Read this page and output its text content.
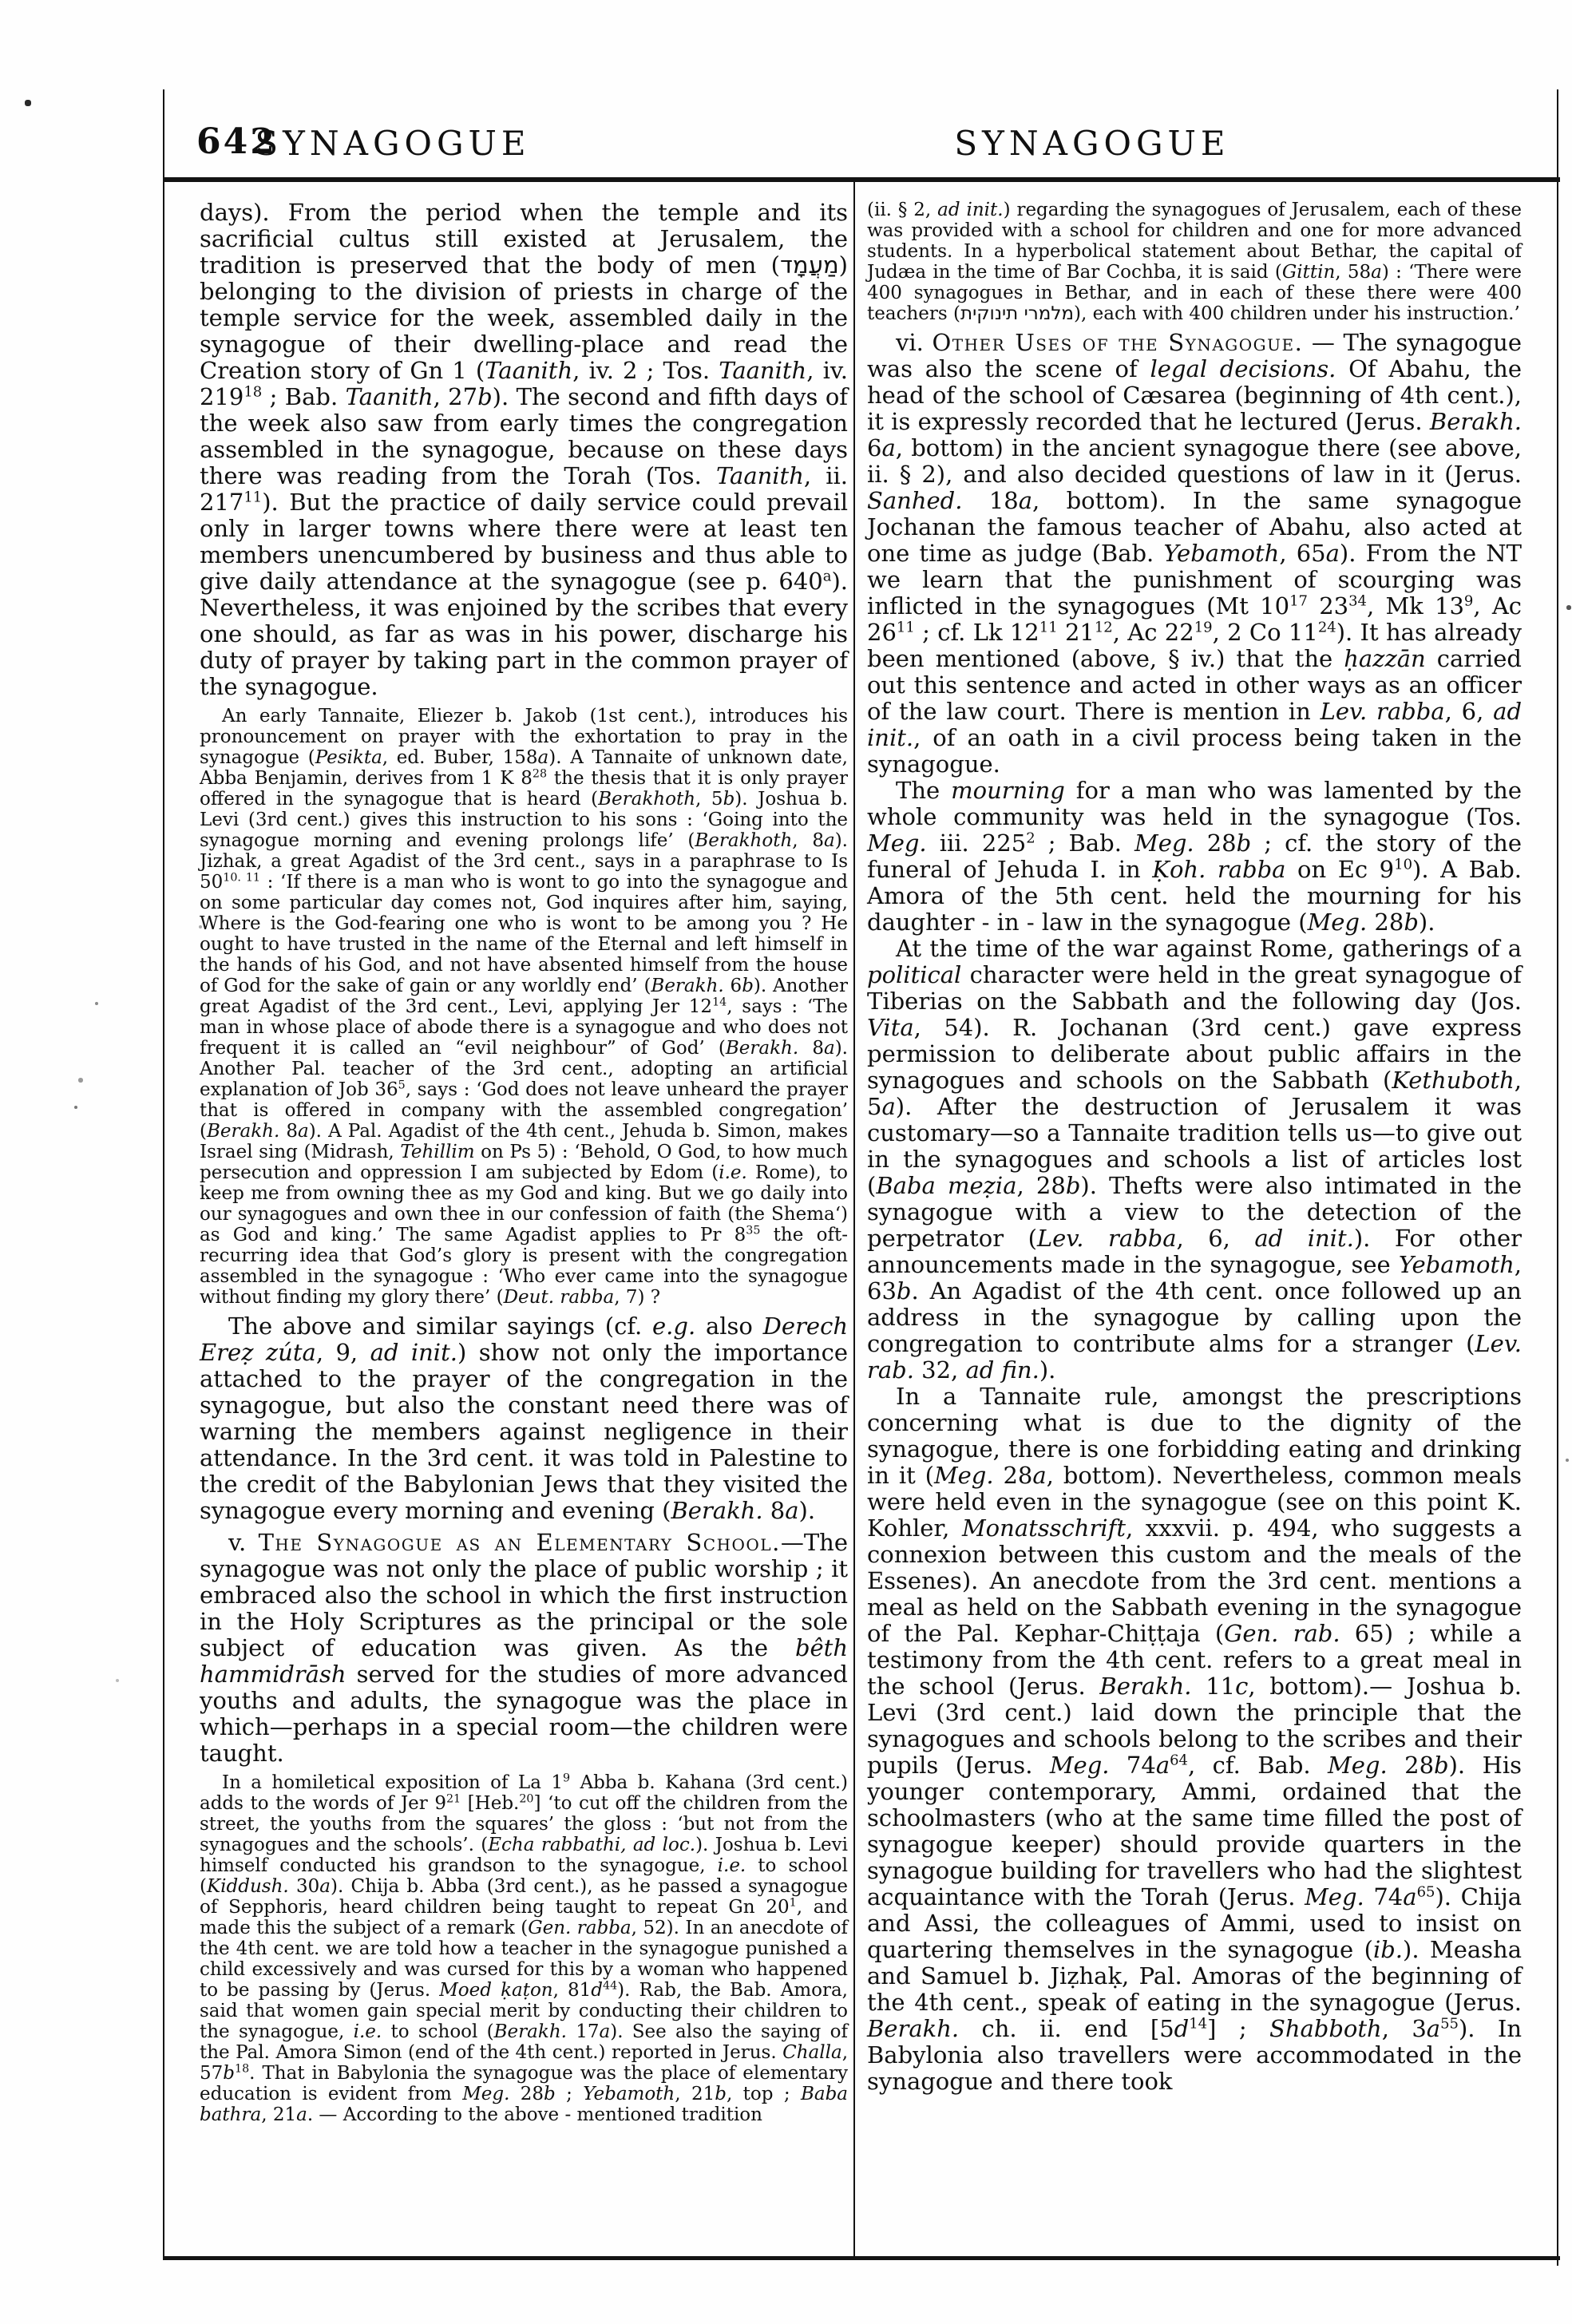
642
SYNAGOGUE	SYNAGOGUE

days). From the period when the temple and its sacrificial cultus still existed at Jerusalem, the tradition is preserved that the body of men (מַעֲמָד) belonging to the division of priests in charge of the temple service for the week, assembled daily in the synagogue of their dwelling-place and read the Creation story of Gn 1 (Taanith, iv. 2 ; Tos. Taanith, iv. $219^{18}$ ; Bab. Taanith, 27b). The second and fifth days of the week also saw from early times the congregation assembled in the synagogue, because on these days there was reading from the Torah (Tos. Taanith, ii. $217^{11}$). But the practice of daily service could prevail only in larger towns where there were at least ten members unencumbered by business and thus able to give daily attendance at the synagogue (see p. 640$^a$). Nevertheless, it was enjoined by the scribes that every one should, as far as was in his power, discharge his duty of prayer by taking part in the common prayer of the synagogue.

An early Tannaite, Eliezer b. Jakob (1st cent.), introduces his pronouncement on prayer with the exhortation to pray in the synagogue (Pesikta, ed. Buber, 158a). A Tannaite of unknown date, Abba Benjamin, derives from 1 K $8^{28}$ the thesis that it is only prayer offered in the synagogue that is heard (Berakhoth, 5b). Joshua b. Levi (3rd cent.) gives this instruction to his sons : ‘Going into the synagogue morning and evening prolongs life’ (Berakhoth, 8a). Jizhak, a great Agadist of the 3rd cent., says in a paraphrase to Is $50^{10. 11}$ : ‘If there is a man who is wont to go into the synagogue and on some particular day comes not, God inquires after him, saying, Where is the God-fearing one who is wont to be among you ? He ought to have trusted in the name of the Eternal and left himself in the hands of his God, and not have absented himself from the house of God for the sake of gain or any worldly end’ (Berakh. 6b). Another great Agadist of the 3rd cent., Levi, applying Jer $12^{14}$, says : ‘The man in whose place of abode there is a synagogue and who does not frequent it is called an “evil neighbour” of God’ (Berakh. 8a). Another Pal. teacher of the 3rd cent., adopting an artificial explanation of Job $36^5$, says : ‘God does not leave unheard the prayer that is offered in company with the assembled congregation’ (Berakh. 8a). A Pal. Agadist of the 4th cent., Jehuda b. Simon, makes Israel sing (Midrash, Tehillim on Ps 5) : ‘Behold, O God, to how much persecution and oppression I am subjected by Edom (i.e. Rome), to keep me from owning thee as my God and king. But we go daily into our synagogues and own thee in our confession of faith (the Shema‘) as God and king.’ The same Agadist applies to Pr $8^{35}$ the oft-recurring idea that God’s glory is present with the congregation assembled in the synagogue : ‘Who ever came into the synagogue without finding my glory there’ (Deut. rabba, 7) ?

The above and similar sayings (cf. e.g. also Derech Ereẓ zúta, 9, ad init.) show not only the importance attached to the prayer of the congregation in the synagogue, but also the constant need there was of warning the members against negligence in their attendance. In the 3rd cent. it was told in Palestine to the credit of the Babylonian Jews that they visited the synagogue every morning and evening (Berakh. 8a).

v. The Synagogue as an Elementary School.—The synagogue was not only the place of public worship ; it embraced also the school in which the first instruction in the Holy Scriptures as the principal or the sole subject of education was given. As the bêth hammidrāsh served for the studies of more advanced youths and adults, the synagogue was the place in which—perhaps in a special room—the children were taught.

In a homiletical exposition of La $1^9$ Abba b. Kahana (3rd cent.) adds to the words of Jer $9^{21}$ [Heb.$^{20}$] ‘to cut off the children from the street, the youths from the squares’ the gloss : ‘but not from the synagogues and the schools’. (Echa rabbathi, ad loc.). Joshua b. Levi himself conducted his grandson to the synagogue, i.e. to school (Kiddush. 30a). Chija b. Abba (3rd cent.), as he passed a synagogue of Sepphoris, heard children being taught to repeat Gn $20^1$, and made this the subject of a remark (Gen. rabba, 52). In an anecdote of the 4th cent. we are told how a teacher in the synagogue punished a child excessively and was cursed for this by a woman who happened to be passing by (Jerus. Moed ḳaṭon, $81d^{44}$). Rab, the Bab. Amora, said that women gain special merit by conducting their children to the synagogue, i.e. to school (Berakh. 17a). See also the saying of the Pal. Amora Simon (end of the 4th cent.) reported in Jerus. Challa, $57b^{18}$. That in Babylonia the synagogue was the place of elementary education is evident from Meg. 28b ; Yebamoth, 21b, top ; Baba bathra, 21a. — According to the above - mentioned tradition

(ii. § 2, ad init.) regarding the synagogues of Jerusalem, each of these was provided with a school for children and one for more advanced students. In a hyperbolical statement about Bethar, the capital of Judæa in the time of Bar Cochba, it is said (Gittin, 58a) : ‘There were 400 synagogues in Bethar, and in each of these there were 400 teachers (מלמרי תינוקית), each with 400 children under his instruction.’

vi. Other Uses of the Synagogue. — The synagogue was also the scene of legal decisions. Of Abahu, the head of the school of Cæsarea (beginning of 4th cent.), it is expressly recorded that he lectured (Jerus. Berakh. 6a, bottom) in the ancient synagogue there (see above, ii. § 2), and also decided questions of law in it (Jerus. Sanhed. 18a, bottom). In the same synagogue Jochanan the famous teacher of Abahu, also acted at one time as judge (Bab. Yebamoth, 65a). From the NT we learn that the punishment of scourging was inflicted in the synagogues (Mt $10^{17}$ $23^{34}$, Mk $13^9$, Ac $26^{11}$ ; cf. Lk $12^{11}$ $21^{12}$, Ac $22^{19}$, 2 Co $11^{24}$). It has already been mentioned (above, § iv.) that the ḥazzān carried out this sentence and acted in other ways as an officer of the law court. There is mention in Lev. rabba, 6, ad init., of an oath in a civil process being taken in the synagogue.

The mourning for a man who was lamented by the whole community was held in the synagogue (Tos. Meg. iii. $225^2$ ; Bab. Meg. 28b ; cf. the story of the funeral of Jehuda I. in Ḳoh. rabba on Ec $9^{10}$). A Bab. Amora of the 5th cent. held the mourning for his daughter - in - law in the synagogue (Meg. 28b).

At the time of the war against Rome, gatherings of a political character were held in the great synagogue of Tiberias on the Sabbath and the following day (Jos. Vita, 54). R. Jochanan (3rd cent.) gave express permission to deliberate about public affairs in the synagogues and schools on the Sabbath (Kethuboth, 5a). After the destruction of Jerusalem it was customary—so a Tannaite tradition tells us—to give out in the synagogues and schools a list of articles lost (Baba meẓia, 28b). Thefts were also intimated in the synagogue with a view to the detection of the perpetrator (Lev. rabba, 6, ad init.). For other announcements made in the synagogue, see Yebamoth, 63b. An Agadist of the 4th cent. once followed up an address in the synagogue by calling upon the congregation to contribute alms for a stranger (Lev. rab. 32, ad fin.).

In a Tannaite rule, amongst the prescriptions concerning what is due to the dignity of the synagogue, there is one forbidding eating and drinking in it (Meg. 28a, bottom). Nevertheless, common meals were held even in the synagogue (see on this point K. Kohler, Monatsschrift, xxxvii. p. 494, who suggests a connexion between this custom and the meals of the Essenes). An anecdote from the 3rd cent. mentions a meal as held on the Sabbath evening in the synagogue of the Pal. Kephar-Chiṭṭaja (Gen. rab. 65) ; while a testimony from the 4th cent. refers to a great meal in the school (Jerus. Berakh. 11c, bottom).— Joshua b. Levi (3rd cent.) laid down the principle that the synagogues and schools belong to the scribes and their pupils (Jerus. Meg. $74a^{64}$, cf. Bab. Meg. 28b). His younger contemporary, Ammi, ordained that the schoolmasters (who at the same time filled the post of synagogue keeper) should provide quarters in the synagogue building for travellers who had the slightest acquaintance with the Torah (Jerus. Meg. $74a^{65}$). Chija and Assi, the colleagues of Ammi, used to insist on quartering themselves in the synagogue (ib.). Measha and Samuel b. Jiẓhaḳ, Pal. Amoras of the beginning of the 4th cent., speak of eating in the synagogue (Jerus. Berakh. ch. ii. end $[5d^{14}]$ ; Shabboth, $3a^{55}$). In Babylonia also travellers were accommodated in the synagogue and there took
